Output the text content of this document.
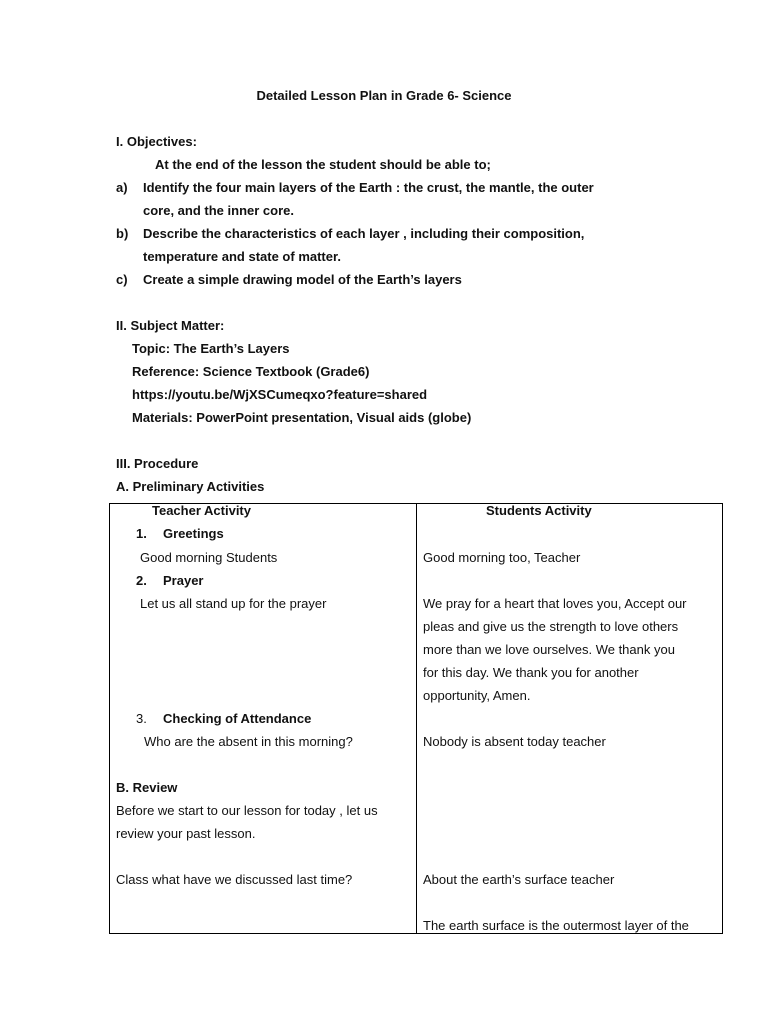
Detailed Lesson Plan in Grade 6- Science
I. Objectives:
At the end of the lesson the student should be able to;
a) Identify the four main layers of the Earth : the crust, the mantle, the outer
core, and the inner core.
b) Describe the characteristics of each layer , including their composition,
temperature and state of matter.
c) Create a simple drawing model of the Earth’s layers
II. Subject Matter:
Topic: The Earth’s Layers
Reference: Science Textbook (Grade6)
https://youtu.be/WjXSCumeqxo?feature=shared
Materials: PowerPoint presentation, Visual aids (globe)
III. Procedure
A. Preliminary Activities
Teacher Activity	Students Activity
1. Greetings
Good morning Students	Good morning too, Teacher
2. Prayer
Let us all stand up for the prayer	We pray for a heart that loves you, Accept our
pleas and give us the strength to love others
more than we love ourselves. We thank you
for this day. We thank you for another
opportunity, Amen.
3. Checking of Attendance
Who are the absent in this morning?	Nobody is absent today teacher
B. Review
Before we start to our lesson for today , let us
review your past lesson.
Class what have we discussed last time?	About the earth’s surface teacher
The earth surface is the outermost layer of the
